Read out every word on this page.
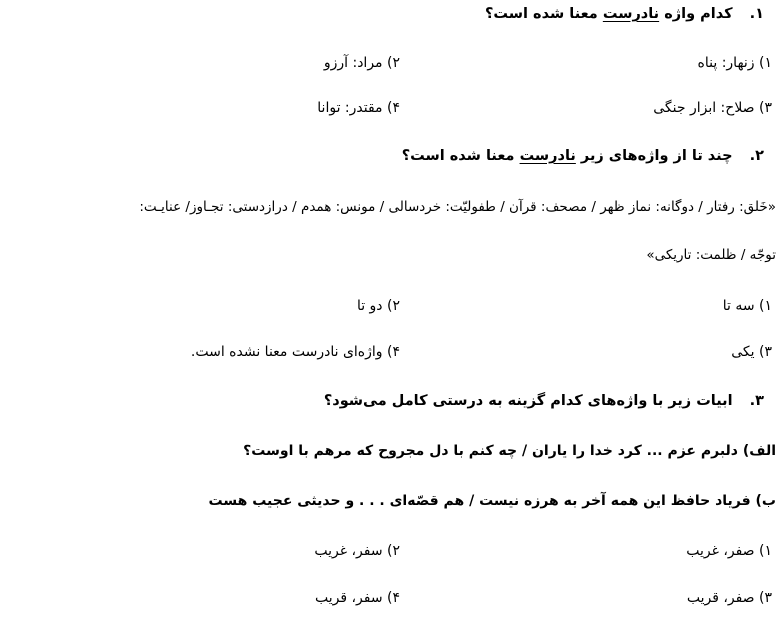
۱. کدام واژه نادرست معنا شده است؟
۱) زنهار: پناه
۲) مراد: آرزو
۳) صلاح: ابزار جنگی
۴) مقتدر: توانا
۲. چند تا از واژه‌های زیر نادرست معنا شده است؟
«خَلق: رفتار / دوگانه: نماز ظهر / مصحف: قرآن / طفولیّت: خردسالی / مونس: همدم / درازدستی: تجـاوز/ عنایـت:
توجّه / ظلمت: تاریکی»
۱) سه تا
۲) دو تا
۳) یکی
۴) واژه‌ای نادرست معنا نشده است.
۳. ابیات زیر با واژه‌های کدام گزینه به درستی کامل می‌شود؟
الف) دلبرم عزم ... کرد خدا را یاران / چه کنم با دل مجروح که مرهم با اوست؟
ب) فریاد حافظ این همه آخر به هرزه نیست / هم قصّه‌ای . . . و حدیثی عجیب هست
۱) صفر، غریب
۲) سفر، غریب
۳) صفر، قریب
۴) سفر، قریب
